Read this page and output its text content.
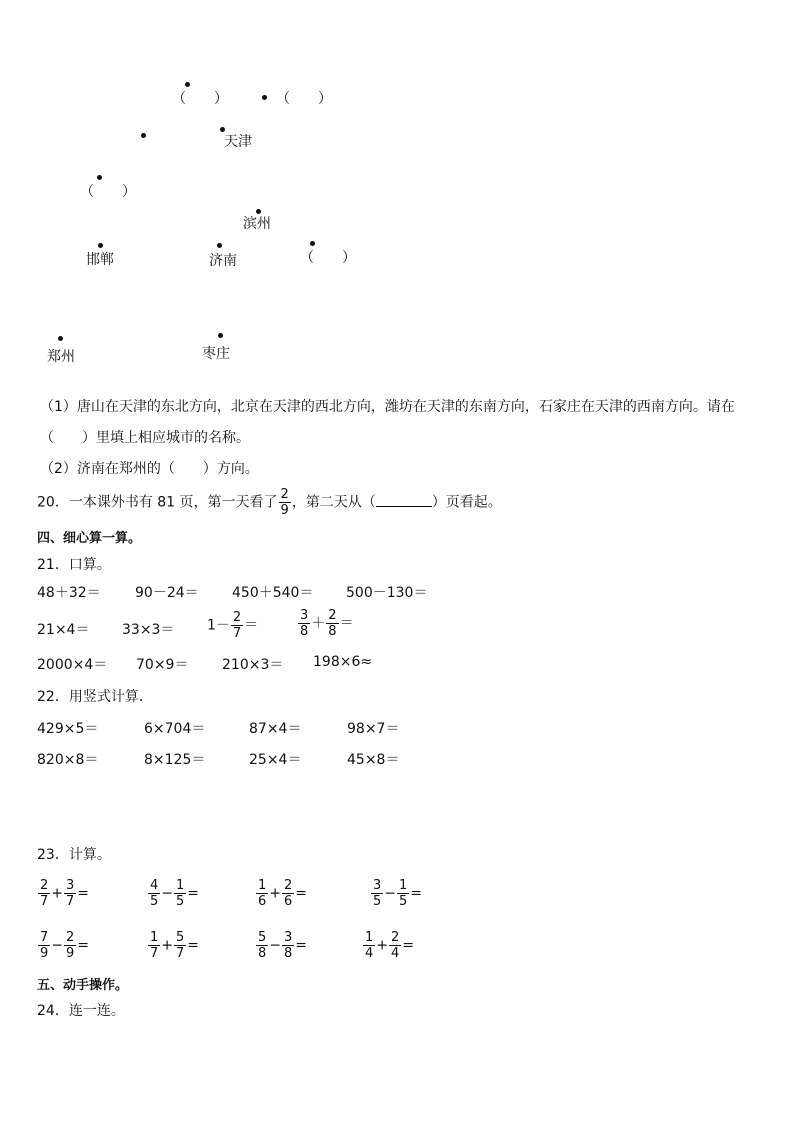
（　　）	（　　）
天津
（　　）
滨州
邯郸	济南	（　　）
郑州	枣庄
（1）唐山在天津的东北方向，北京在天津的西北方向，潍坊在天津的东南方向，石家庄在天津的西南方向。请在
（　　）里填上相应城市的名称。
（2）济南在郑州的（　　）方向。
20．一本课外书有 81 页，第一天看了 $\frac{2}{9}$ ，第二天从（	）页看起。
四、细心算一算。
21．口算。
48＋32＝ 90－24＝ 450＋540＝ 500－130＝
$21\times 4= 33\times 3= 1- \frac{2}{7}$ ＝	$\frac{3}{8} + \frac{2}{8}$ ＝
2000×4＝ 70×9＝ 210×3＝ 198×6≈
22．用竖式计算．
429×5＝	6×704＝	87×4＝	98×7＝
820×8＝	8×125＝	25×4＝	45×8＝
23．计算。
$\frac{2}{7} + \frac{3}{7}$ =	$\frac{4}{5} - \frac{1}{5}$ =	$\frac{1}{6} + \frac{2}{6}$ =	$\frac{3}{5} - \frac{1}{5}$ =
$\frac{7}{9} - \frac{2}{9}$ =	$\frac{1}{7} + \frac{5}{7}$ =	$\frac{5}{8} - \frac{3}{8}$ =	$\frac{1}{4} + \frac{2}{4}$ =
五、动手操作。
24．连一连。
